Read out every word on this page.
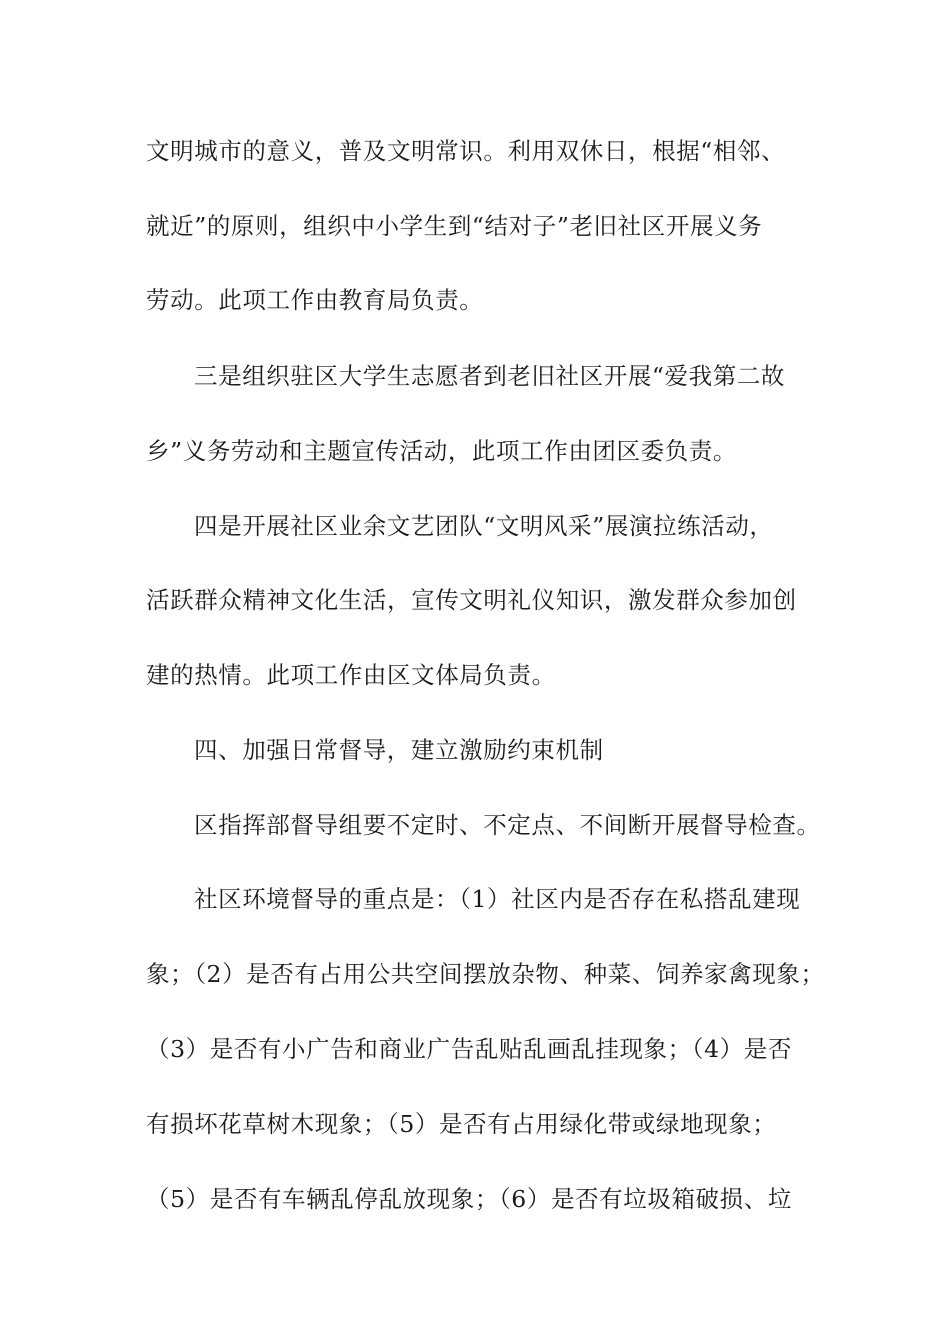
文明城市的意义，普及文明常识。利用双休日，根据“相邻、
就近”的原则，组织中小学生到“结对子”老旧社区开展义务
劳动。此项工作由教育局负责。
三是组织驻区大学生志愿者到老旧社区开展“爱我第二故
乡”义务劳动和主题宣传活动，此项工作由团区委负责。
四是开展社区业余文艺团队“文明风采”展演拉练活动，
活跃群众精神文化生活，宣传文明礼仪知识，激发群众参加创
建的热情。此项工作由区文体局负责。
四、加强日常督导，建立激励约束机制
区指挥部督导组要不定时、不定点、不间断开展督导检查。
社区环境督导的重点是：（1）社区内是否存在私搭乱建现
象；（2）是否有占用公共空间摆放杂物、种菜、饲养家禽现象；
（3）是否有小广告和商业广告乱贴乱画乱挂现象；（4）是否
有损坏花草树木现象；（5）是否有占用绿化带或绿地现象；
（5）是否有车辆乱停乱放现象；（6）是否有垃圾箱破损、垃
